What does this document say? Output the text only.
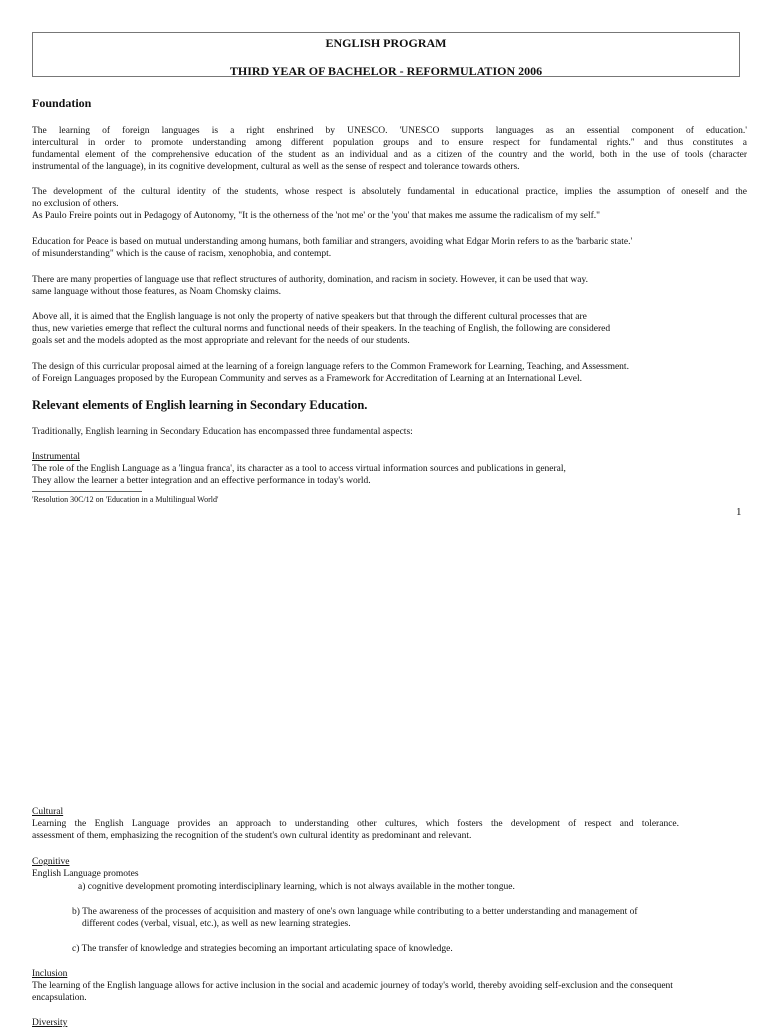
ENGLISH PROGRAM
THIRD YEAR OF BACHELOR - REFORMULATION 2006
Foundation
The learning of foreign languages is a right enshrined by UNESCO. 'UNESCO supports languages as an essential component of education.'
intercultural in order to promote understanding among different population groups and to ensure respect for fundamental rights." and thus constitutes a
fundamental element of the comprehensive education of the student as an individual and as a citizen of the country and the world, both in the use of tools (character
instrumental of the language), in its cognitive development, cultural as well as the sense of respect and tolerance towards others.
The development of the cultural identity of the students, whose respect is absolutely fundamental in educational practice, implies the assumption of oneself and the
no exclusion of others.
As Paulo Freire points out in Pedagogy of Autonomy, "It is the otherness of the 'not me' or the 'you' that makes me assume the radicalism of my self."
Education for Peace is based on mutual understanding among humans, both familiar and strangers, avoiding what Edgar Morin refers to as the 'barbaric state.'
of misunderstanding" which is the cause of racism, xenophobia, and contempt.
There are many properties of language use that reflect structures of authority, domination, and racism in society. However, it can be used that way.
same language without those features, as Noam Chomsky claims.
Above all, it is aimed that the English language is not only the property of native speakers but that through the different cultural processes that are
thus, new varieties emerge that reflect the cultural norms and functional needs of their speakers. In the teaching of English, the following are considered
goals set and the models adopted as the most appropriate and relevant for the needs of our students.
The design of this curricular proposal aimed at the learning of a foreign language refers to the Common Framework for Learning, Teaching, and Assessment.
of Foreign Languages proposed by the European Community and serves as a Framework for Accreditation of Learning at an International Level.
Relevant elements of English learning in Secondary Education.
Traditionally, English learning in Secondary Education has encompassed three fundamental aspects:
Instrumental
The role of the English Language as a 'lingua franca', its character as a tool to access virtual information sources and publications in general,
They allow the learner a better integration and an effective performance in today's world.
'Resolution 30C/12 on 'Education in a Multilingual World'
1
Cultural
Learning the English Language provides an approach to understanding other cultures, which fosters the development of respect and tolerance.
assessment of them, emphasizing the recognition of the student's own cultural identity as predominant and relevant.
Cognitive
English Language promotes
a) cognitive development promoting interdisciplinary learning, which is not always available in the mother tongue.
b) The awareness of the processes of acquisition and mastery of one's own language while contributing to a better understanding and management of
different codes (verbal, visual, etc.), as well as new learning strategies.
c) The transfer of knowledge and strategies becoming an important articulating space of knowledge.
Inclusion
The learning of the English language allows for active inclusion in the social and academic journey of today's world, thereby avoiding self-exclusion and the consequent
encapsulation.
Diversity
